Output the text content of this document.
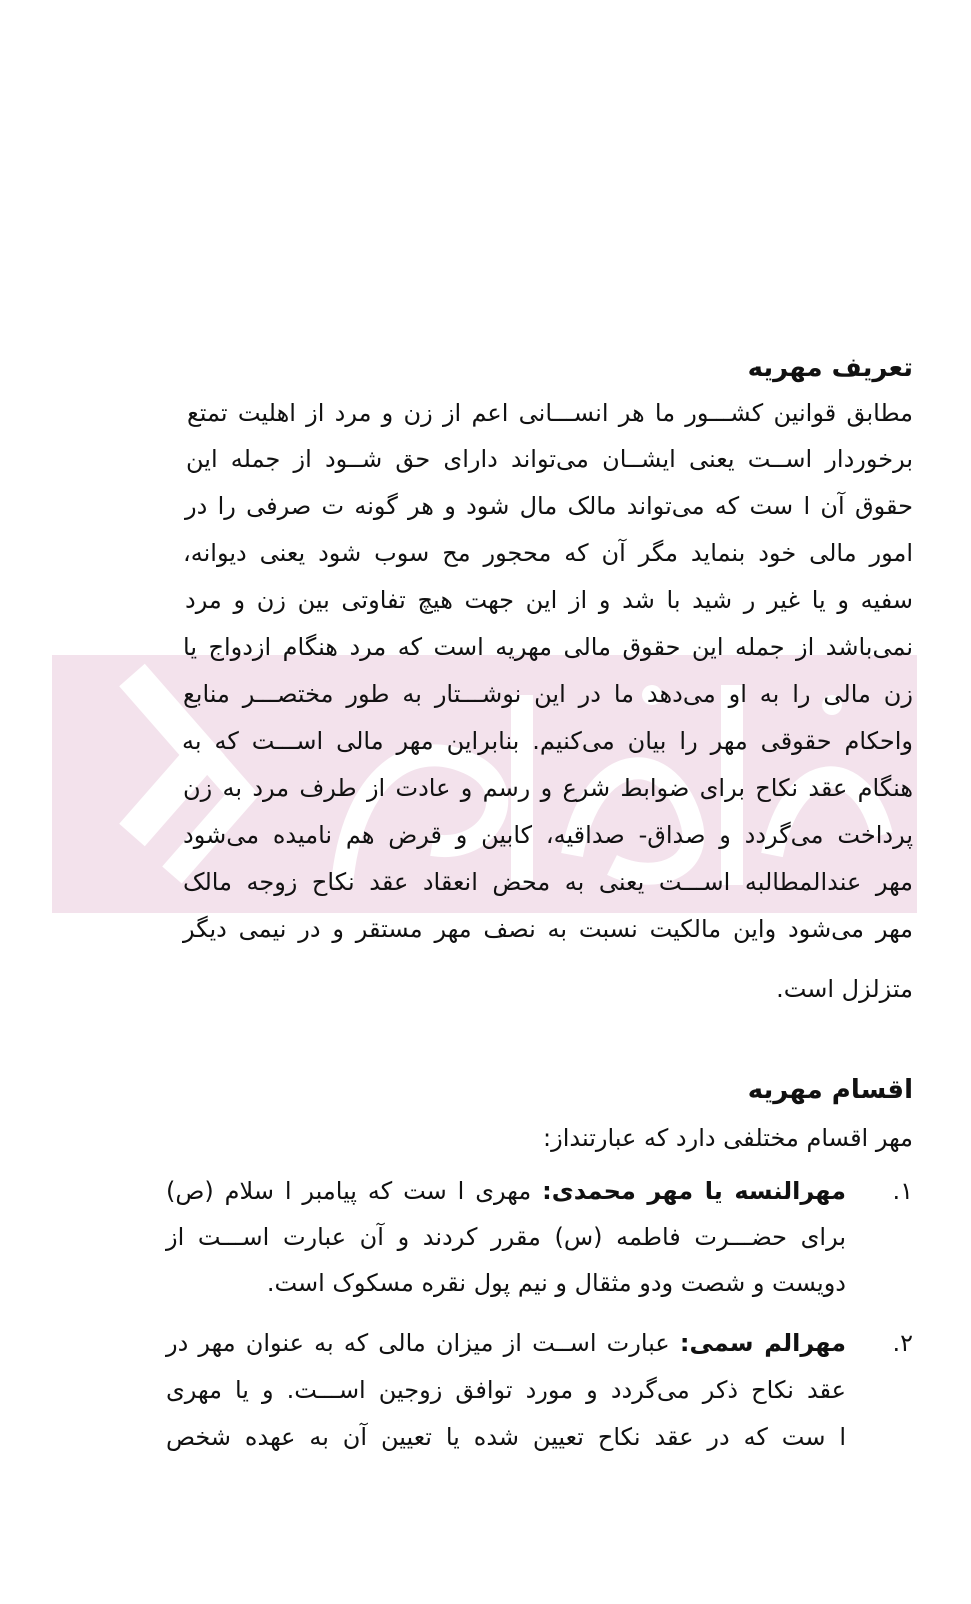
تعریف مهریه
مطابق قوانین کشـــور ما هر انســـانی اعم از زن و مرد از اهلیت تمتع
برخوردار اســت یعنی ایشــان می‌تواند دارای حق شــود از جمله این
حقوق آن ا ست که می‌تواند مالک مال شود و هر گونه ت صرفی را در
امور مالی خود بنماید مگر آن که محجور مح سوب شود یعنی دیوانه،
سفیه و یا غیر ر شید با شد و از این جهت هیچ تفاوتی بین زن و مرد
نمی‌باشد از جمله این حقوق مالی مهریه است که مرد هنگام ازدواج یا
زن مالی را به او می‌دهد ما در این نوشـــتار به طور مختصـــر منابع
واحکام حقوقی مهر را بیان می‌کنیم. بنابراین مهر مالی اســـت که به
هنگام عقد نکاح برای ضوابط شرع و رسم و عادت از طرف مرد به زن
پرداخت می‌گردد و صداق- صداقیه، کابین و قرض هم نامیده می‌شود
مهر عندالمطالبه اســـت یعنی به محض انعقاد عقد نکاح زوجه مالک
مهر می‌شود واین مالکیت نسبت به نصف مهر مستقر و در نیمی دیگر
متزلزل است.
اقسام مهریه
مهر اقسام مختلفی دارد که عبارتنداز:
۱.
مهرالنسه یا مهر محمدی: مهری ا ست که پیامبر ا سلام (ص)
برای حضـــرت فاطمه (س) مقرر کردند و آن عبارت اســـت از
دویست و شصت ودو مثقال و نیم پول نقره مسکوک است.
۲.
مهرالم سمی: عبارت اســت از میزان مالی که به عنوان مهر در
عقد نکاح ذکر می‌گردد و مورد توافق زوجین اســـت. و یا مهری
ا ست که در عقد نکاح تعیین شده یا تعیین آن به عهده شخص
